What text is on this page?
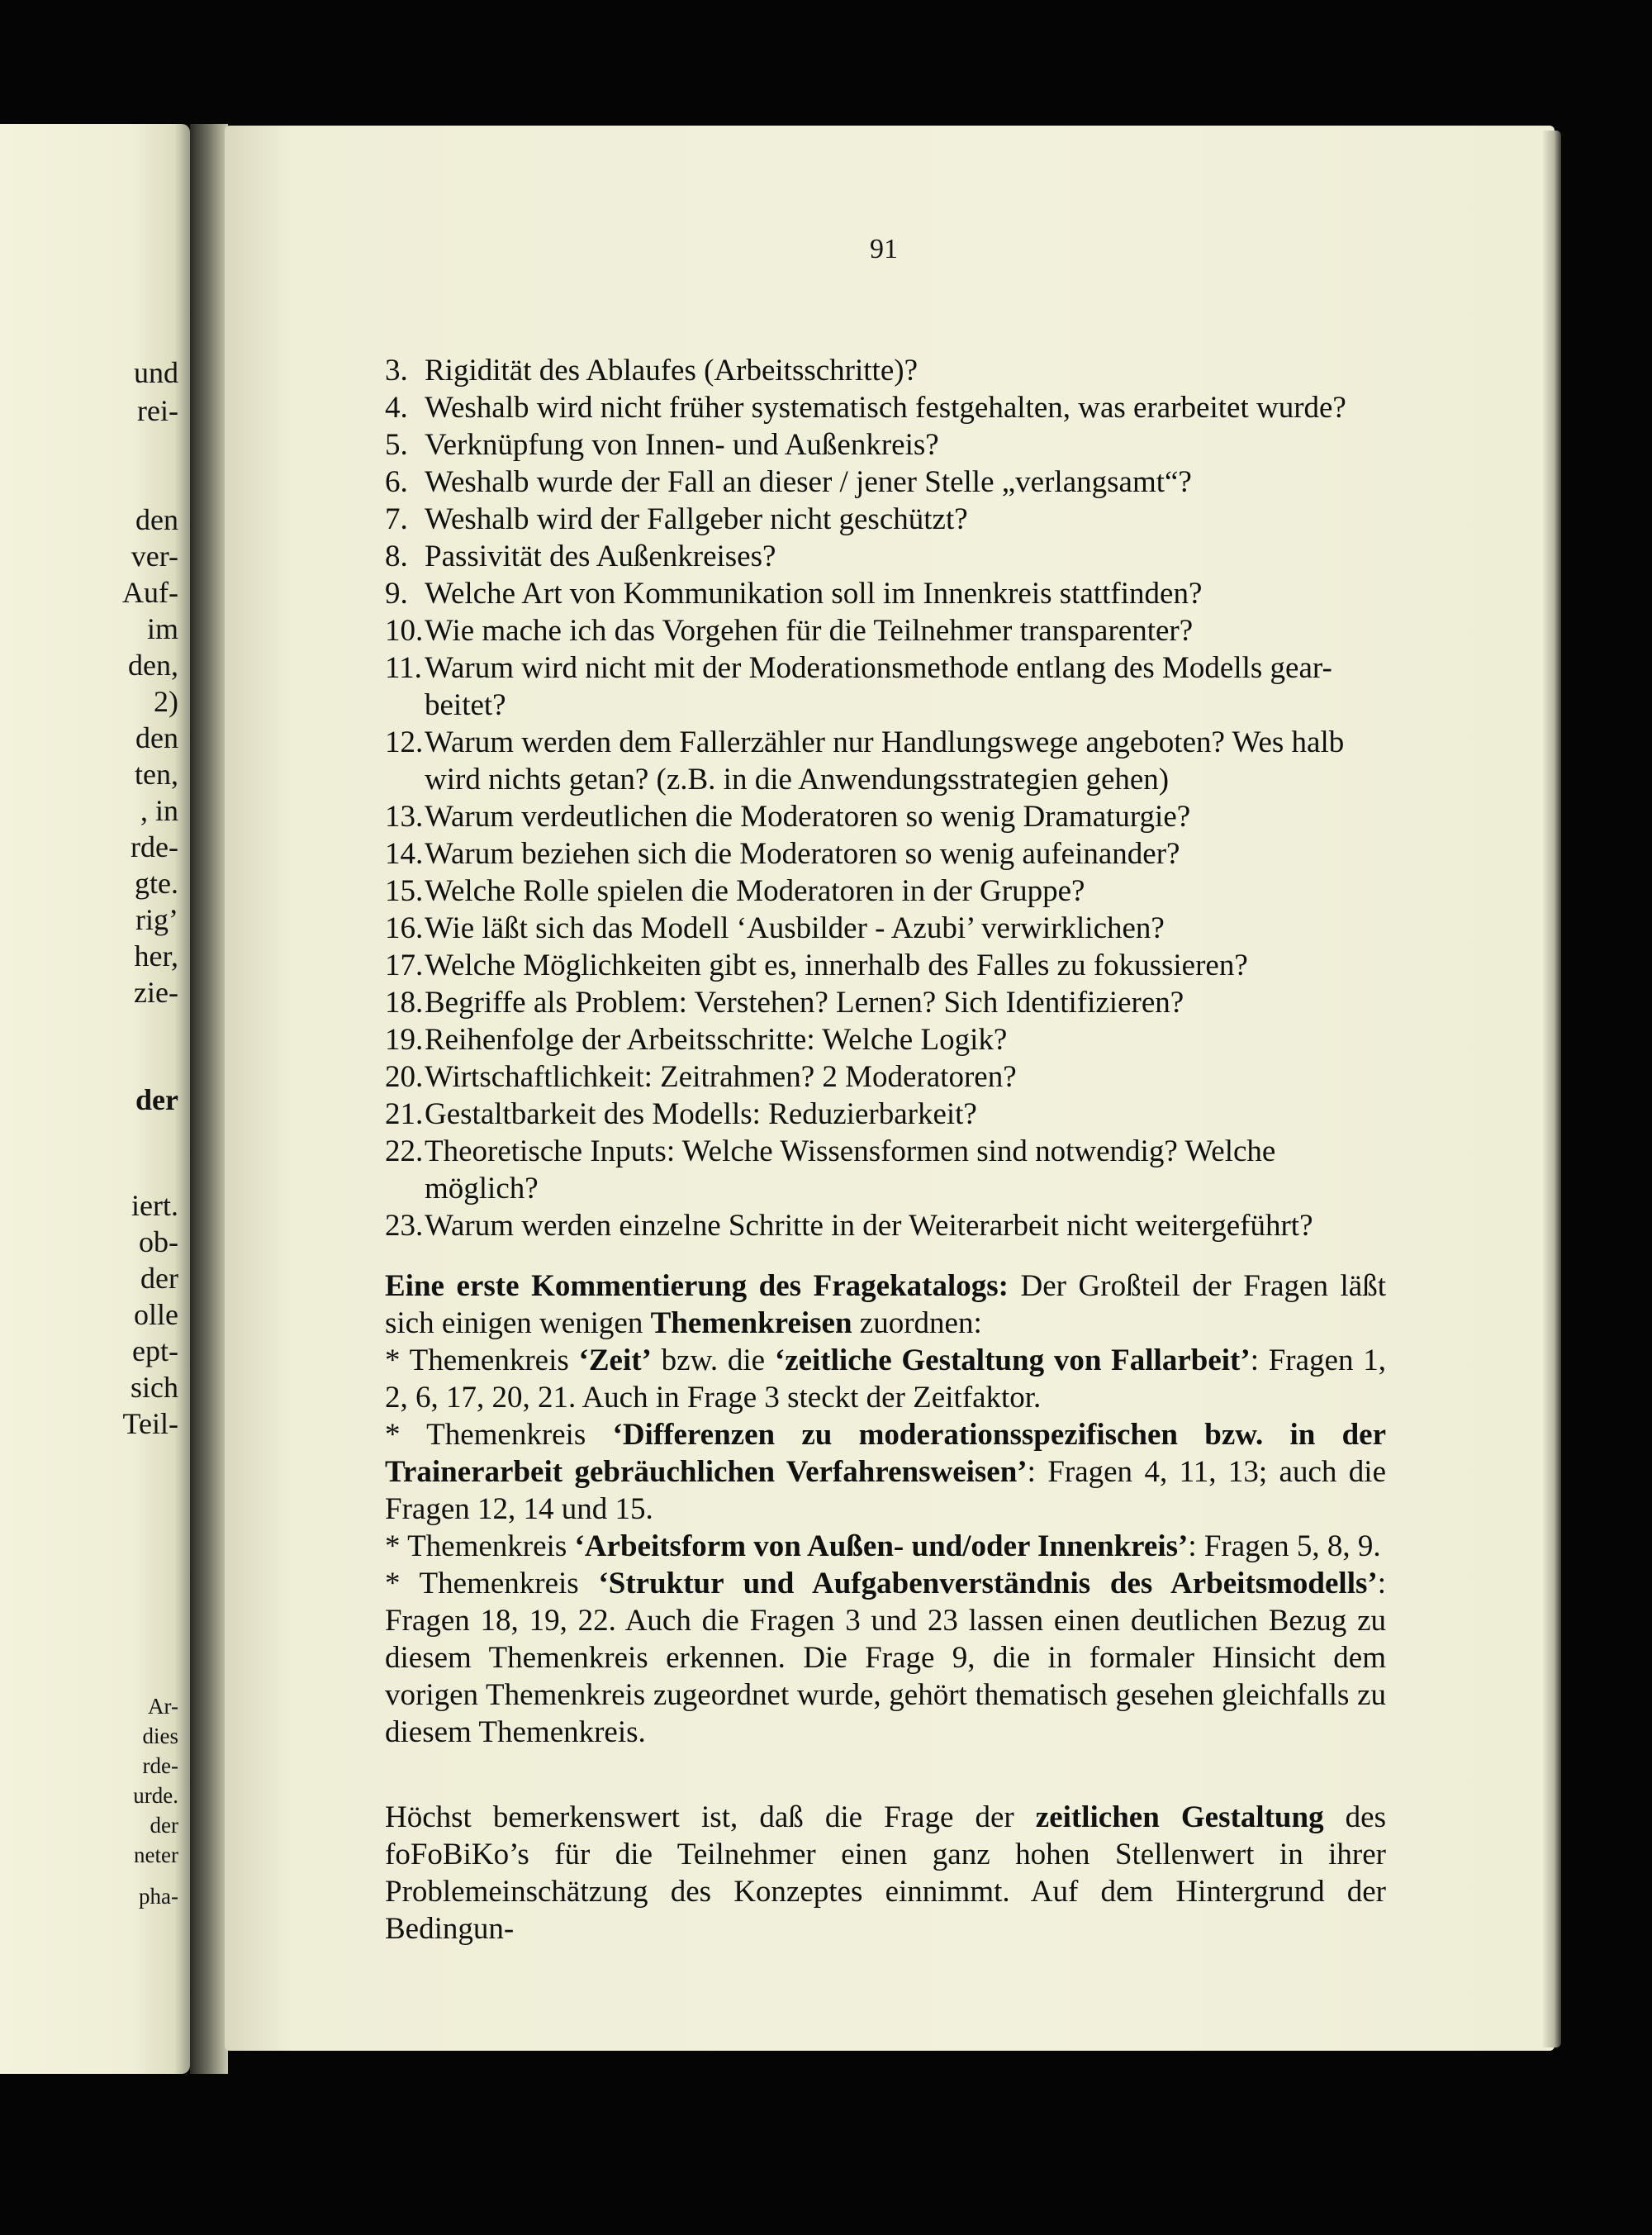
und

rei-

den

ver-

Auf-

im

den,

2)

den

ten,

, in

rde-

gte.

rig’

her,

zie-

der

iert.

ob-

der

olle

ept-

sich

Teil-

Ar-

dies

rde-

urde.

der

neter

pha-

91

3. Rigidität des Ablaufes (Arbeitsschritte)?
4. Weshalb wird nicht früher systematisch festgehalten, was erarbeitet wurde?
5. Verknüpfung von Innen- und Außenkreis?
6. Weshalb wurde der Fall an dieser / jener Stelle „verlangsamt“?
7. Weshalb wird der Fallgeber nicht geschützt?
8. Passivität des Außenkreises?
9. Welche Art von Kommunikation soll im Innenkreis stattfinden?
10. Wie mache ich das Vorgehen für die Teilnehmer transparenter?
11. Warum wird nicht mit der Moderationsmethode entlang des Modells gear-beitet?
12. Warum werden dem Fallerzähler nur Handlungswege angeboten? Wes halb wird nichts getan? (z.B. in die Anwendungsstrategien gehen)
13. Warum verdeutlichen die Moderatoren so wenig Dramaturgie?
14. Warum beziehen sich die Moderatoren so wenig aufeinander?
15. Welche Rolle spielen die Moderatoren in der Gruppe?
16. Wie läßt sich das Modell ‘Ausbilder - Azubi’ verwirklichen?
17. Welche Möglichkeiten gibt es, innerhalb des Falles zu fokussieren?
18. Begriffe als Problem: Verstehen? Lernen? Sich Identifizieren?
19. Reihenfolge der Arbeitsschritte: Welche Logik?
20. Wirtschaftlichkeit: Zeitrahmen? 2 Moderatoren?
21. Gestaltbarkeit des Modells: Reduzierbarkeit?
22. Theoretische Inputs: Welche Wissensformen sind notwendig? Welche möglich?
23. Warum werden einzelne Schritte in der Weiterarbeit nicht weitergeführt?

Eine erste Kommentierung des Fragekatalogs: Der Großteil der Fragen läßt sich einigen wenigen Themenkreisen zuordnen:

* Themenkreis ‘Zeit’ bzw. die ‘zeitliche Gestaltung von Fallarbeit’: Fragen 1, 2, 6, 17, 20, 21. Auch in Frage 3 steckt der Zeitfaktor.

* Themenkreis ‘Differenzen zu moderationsspezifischen bzw. in der Trainerarbeit gebräuchlichen Verfahrensweisen’: Fragen 4, 11, 13; auch die Fragen 12, 14 und 15.

* Themenkreis ‘Arbeitsform von Außen- und/oder Innenkreis’: Fragen 5, 8, 9.

* Themenkreis ‘Struktur und Aufgabenverständnis des Arbeitsmodells’: Fragen 18, 19, 22. Auch die Fragen 3 und 23 lassen einen deutlichen Bezug zu diesem Themenkreis erkennen. Die Frage 9, die in formaler Hinsicht dem vorigen Themenkreis zugeordnet wurde, gehört thematisch gesehen gleichfalls zu diesem Themenkreis.

Höchst bemerkenswert ist, daß die Frage der zeitlichen Gestaltung des foFoBiKo’s für die Teilnehmer einen ganz hohen Stellenwert in ihrer Problemeinschätzung des Konzeptes einnimmt. Auf dem Hintergrund der Bedingun-
